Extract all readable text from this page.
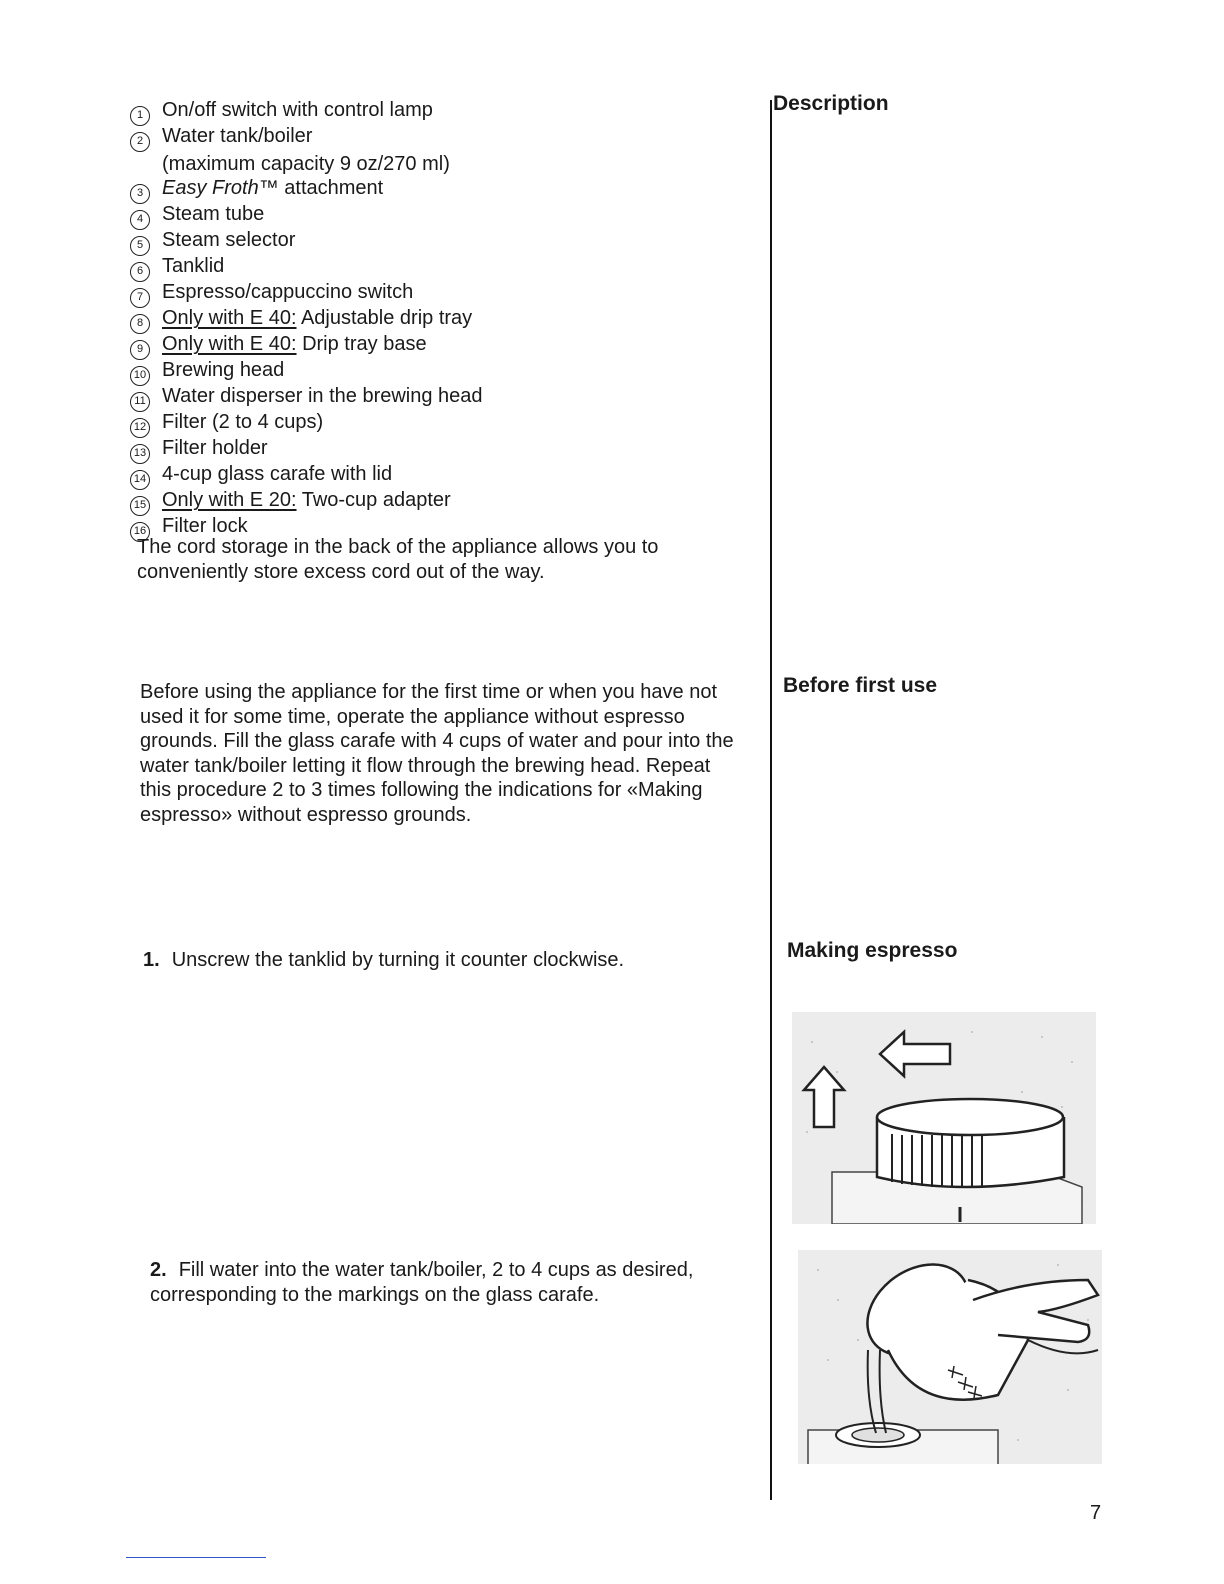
1 On/off switch with control lamp
2 Water tank/boiler
(maximum capacity 9 oz/270 ml)
3 Easy Froth™ attachment
4 Steam tube
5 Steam selector
6 Tanklid
7 Espresso/cappuccino switch
8 Only with E 40: Adjustable drip tray
9 Only with E 40: Drip tray base
10 Brewing head
11 Water disperser in the brewing head
12 Filter (2 to 4 cups)
13 Filter holder
14 4-cup glass carafe with lid
15 Only with E 20: Two-cup adapter
16 Filter lock

The cord storage in the back of the appliance allows you to conveniently store excess cord out of the way.

Before using the appliance for the first time or when you have not used it for some time, operate the appliance without espresso grounds. Fill the glass carafe with 4 cups of water and pour into the water tank/boiler letting it flow through the brewing head. Repeat this procedure 2 to 3 times following the indications for «Making espresso» without espresso grounds.

1. Unscrew the tanklid by turning it counter clockwise.
2. Fill water into the water tank/boiler, 2 to 4 cups as desired, corresponding to the markings on the glass carafe.
Description
Before first use
Making espresso
7
